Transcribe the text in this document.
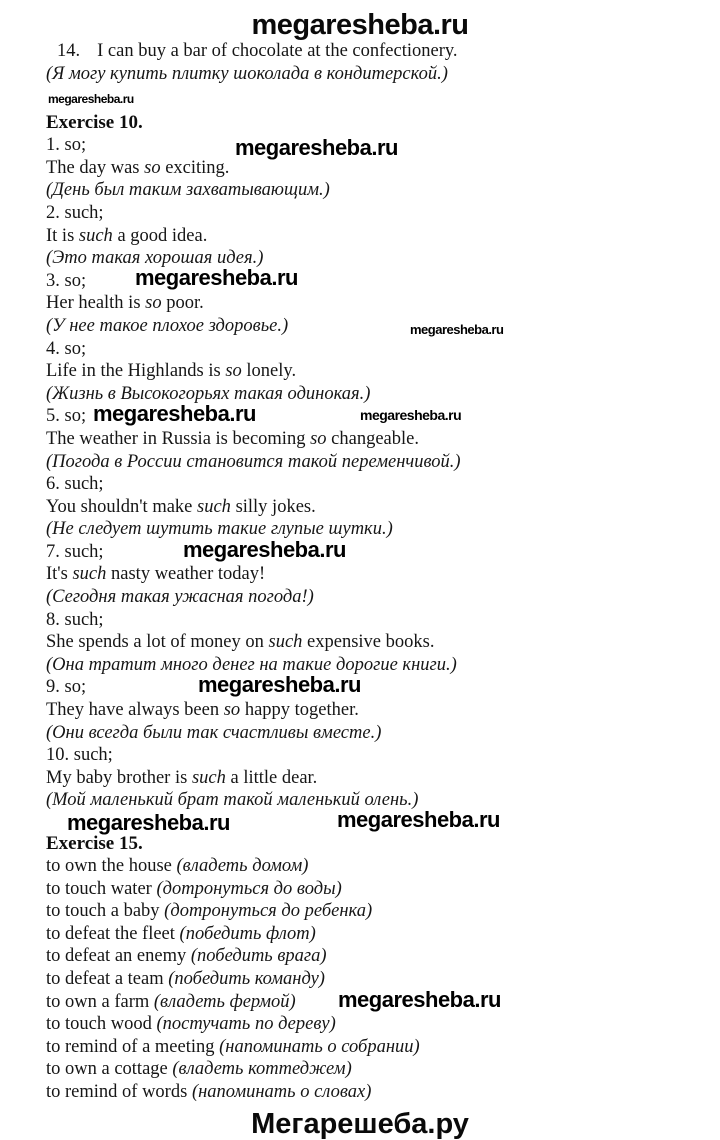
megaresheba.ru
14. I can buy a bar of chocolate at the confectionery.
(Я могу купить плитку шоколада в кондитерской.)
Exercise 10.
1. so;
The day was so exciting.
(День был таким захватывающим.)
2. such;
It is such a good idea.
(Это такая хорошая идея.)
3. so;
Her health is so poor.
(У нее такое плохое здоровье.)
4. so;
Life in the Highlands is so lonely.
(Жизнь в Высокогорьях такая одинокая.)
5. so;
The weather in Russia is becoming so changeable.
(Погода в России становится такой переменчивой.)
6. such;
You shouldn't make such silly jokes.
(Не следует шутить такие глупые шутки.)
7. such;
It's such nasty weather today!
(Сегодня такая ужасная погода!)
8. such;
She spends a lot of money on such expensive books.
(Она тратит много денег на такие дорогие книги.)
9. so;
They have always been so happy together.
(Они всегда были так счастливы вместе.)
10. such;
My baby brother is such a little dear.
(Мой маленький брат такой маленький олень.)
Exercise 15.
to own the house (владеть домом)
to touch water (дотронуться до воды)
to touch a baby (дотронуться до ребенка)
to defeat the fleet (победить флот)
to defeat an enemy (победить врага)
to defeat a team (победить команду)
to own a farm (владеть фермой)
to touch wood (постучать по дереву)
to remind of a meeting (напоминать о собрании)
to own a cottage (владеть коттеджем)
to remind of words (напоминать о словах)
Мегарешеба.ру
megaresheba.ru
megaresheba.ru
megaresheba.ru
megaresheba.ru
megaresheba.ru	megaresheba.ru
megaresheba.ru
megaresheba.ru
megaresheba.ru	megaresheba.ru
megaresheba.ru
